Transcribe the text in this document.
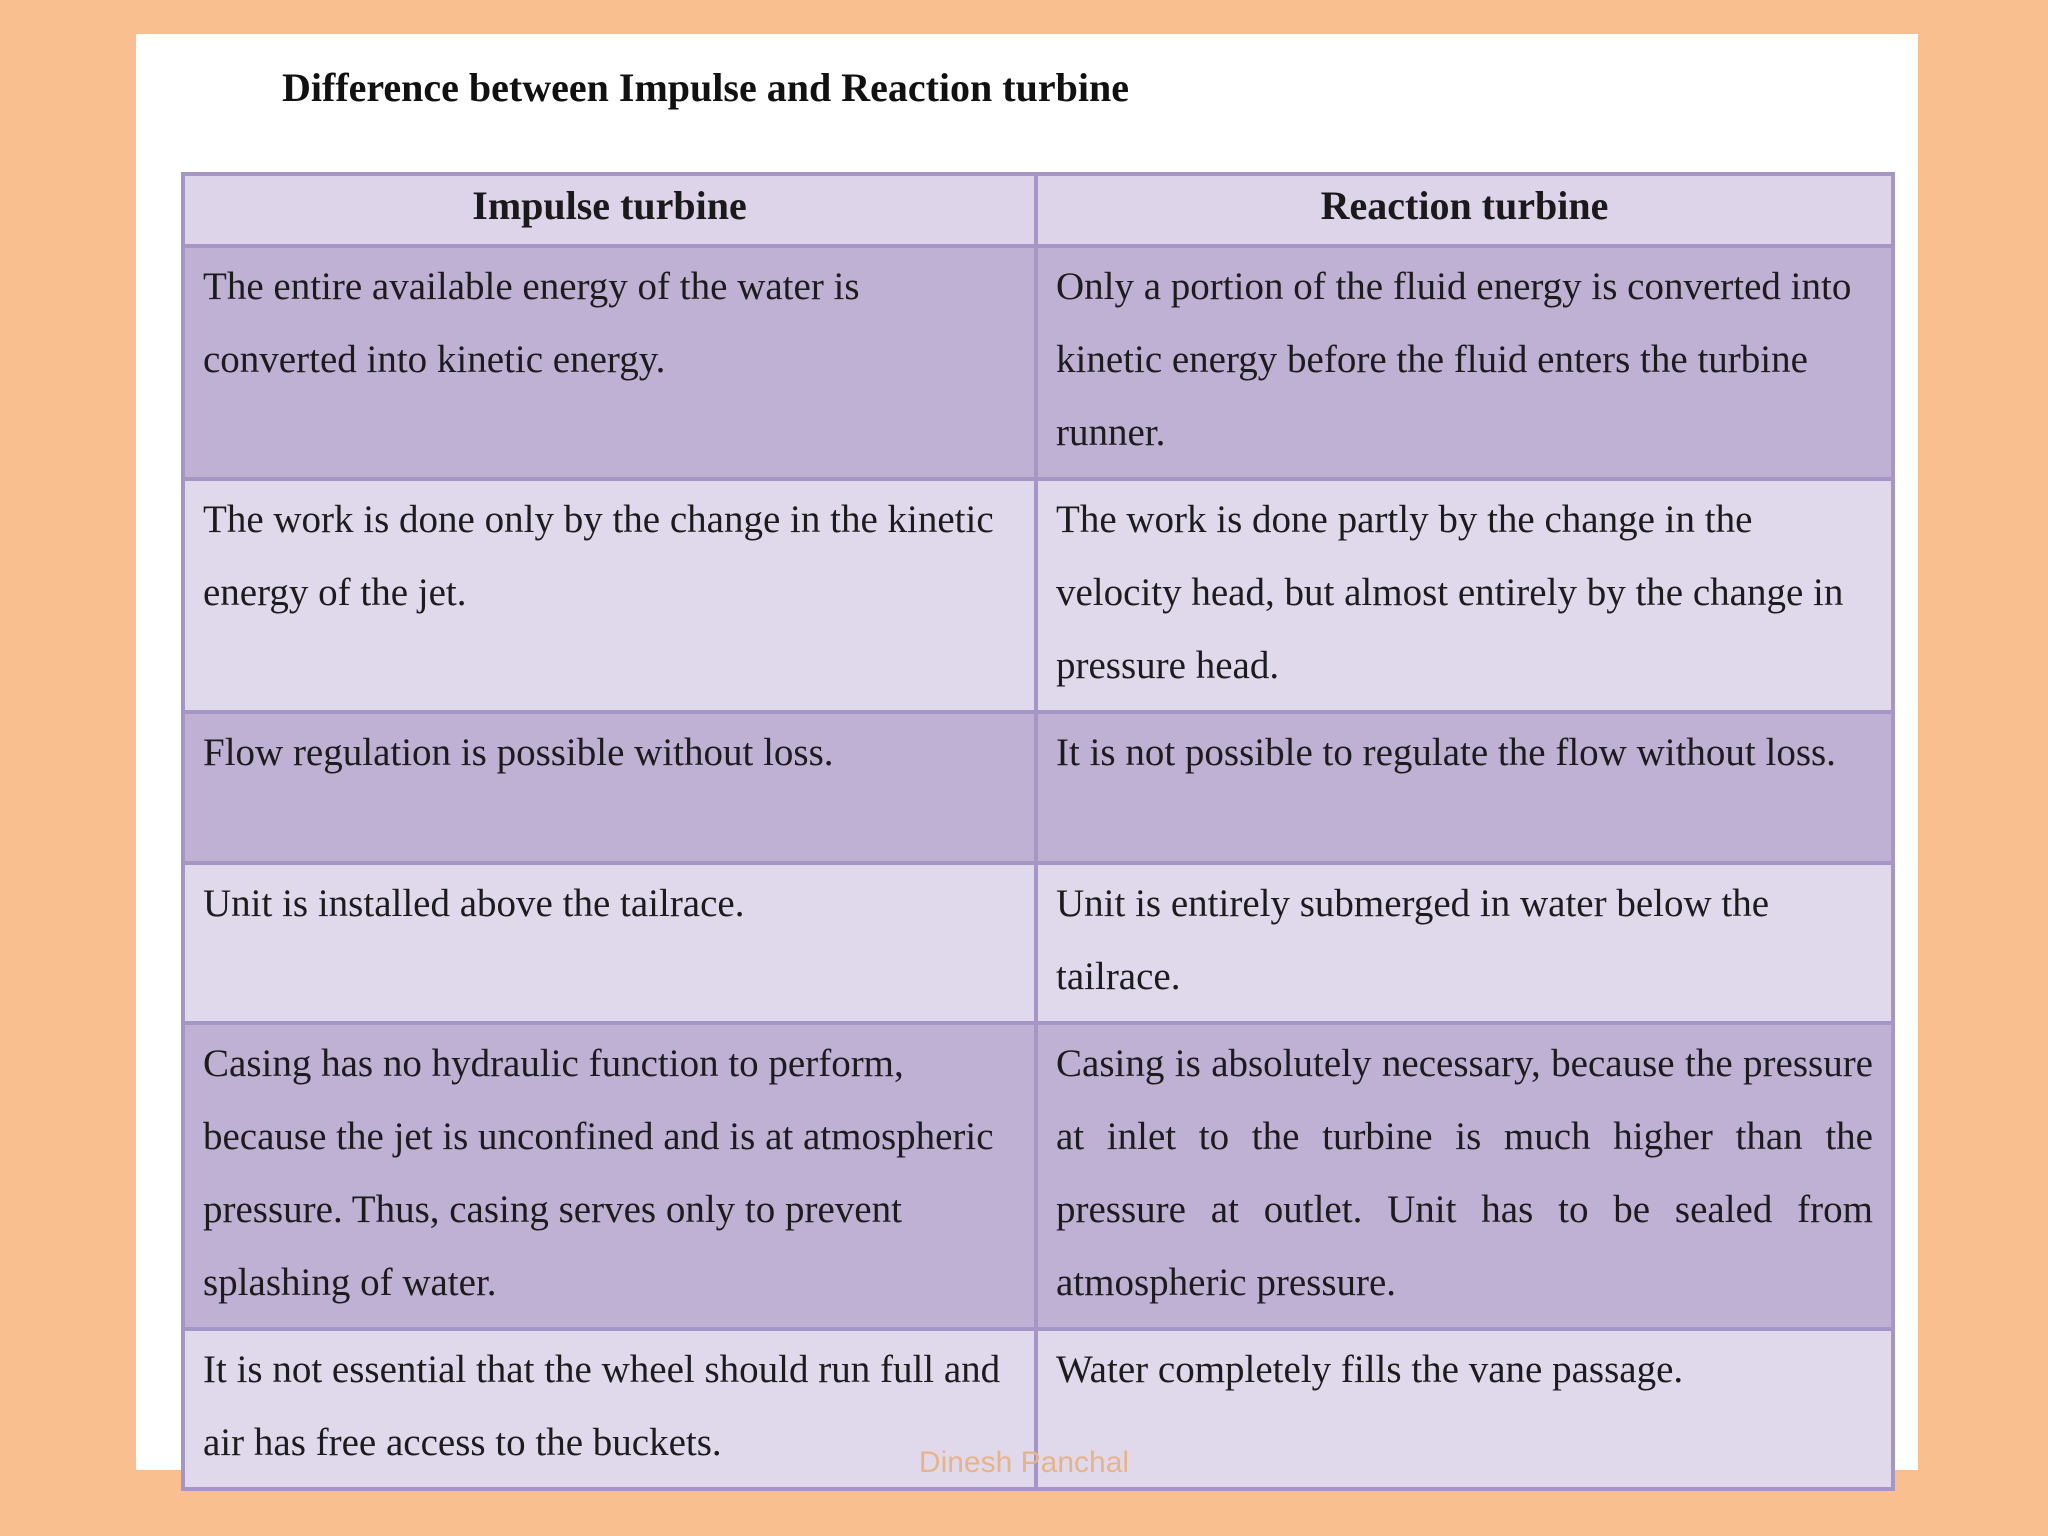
Difference between Impulse and Reaction turbine
Impulse turbine	Reaction turbine
The entire available energy of the water is converted into kinetic energy.	Only a portion of the fluid energy is converted into kinetic energy before the fluid enters the turbine runner.
The work is done only by the change in the kinetic energy of the jet.	The work is done partly by the change in the velocity head, but almost entirely by the change in pressure head.
Flow regulation is possible without loss.	It is not possible to regulate the flow without loss.
Unit is installed above the tailrace.	Unit is entirely submerged in water below the tailrace.
Casing has no hydraulic function to perform, because the jet is unconfined and is at atmospheric pressure. Thus, casing serves only to prevent splashing of water.	Casing is absolutely necessary, because the pressure at inlet to the turbine is much higher than the pressure at outlet. Unit has to be sealed from atmospheric pressure.
It is not essential that the wheel should run full and air has free access to the buckets.	Water completely fills the vane passage.
Dinesh Panchal
